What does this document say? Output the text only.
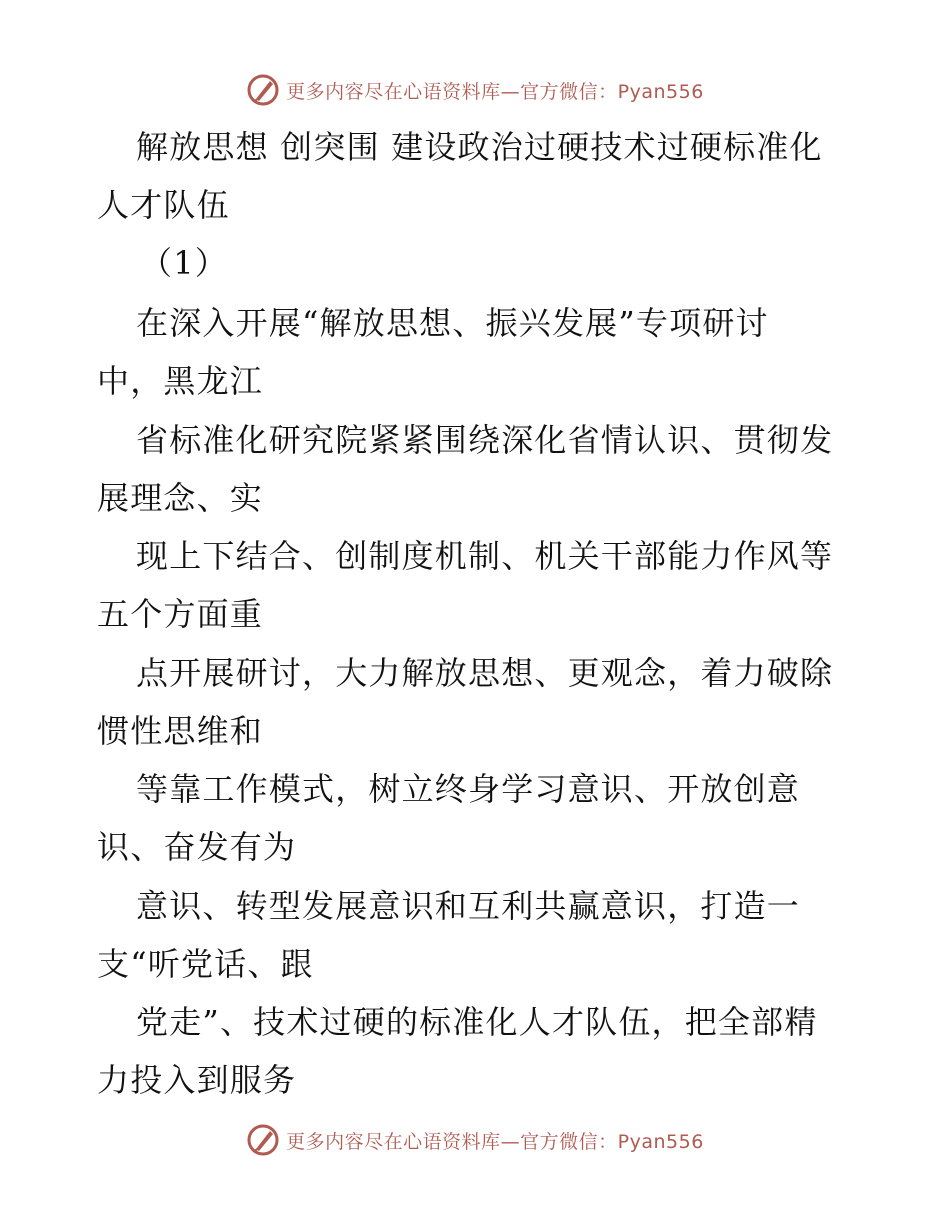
更多内容尽在心语资料库—官方微信：Pyan556
解放思想 创突围 建设政治过硬技术过硬标准化
人才队伍
（1）
在深入开展“解放思想、振兴发展”专项研讨
中，黑龙江
省标准化研究院紧紧围绕深化省情认识、贯彻发
展理念、实
现上下结合、创制度机制、机关干部能力作风等
五个方面重
点开展研讨，大力解放思想、更观念，着力破除
惯性思维和
等靠工作模式，树立终身学习意识、开放创意
识、奋发有为
意识、转型发展意识和互利共赢意识，打造一
支“听党话、跟
党走”、技术过硬的标准化人才队伍，把全部精
力投入到服务
更多内容尽在心语资料库—官方微信：Pyan556
